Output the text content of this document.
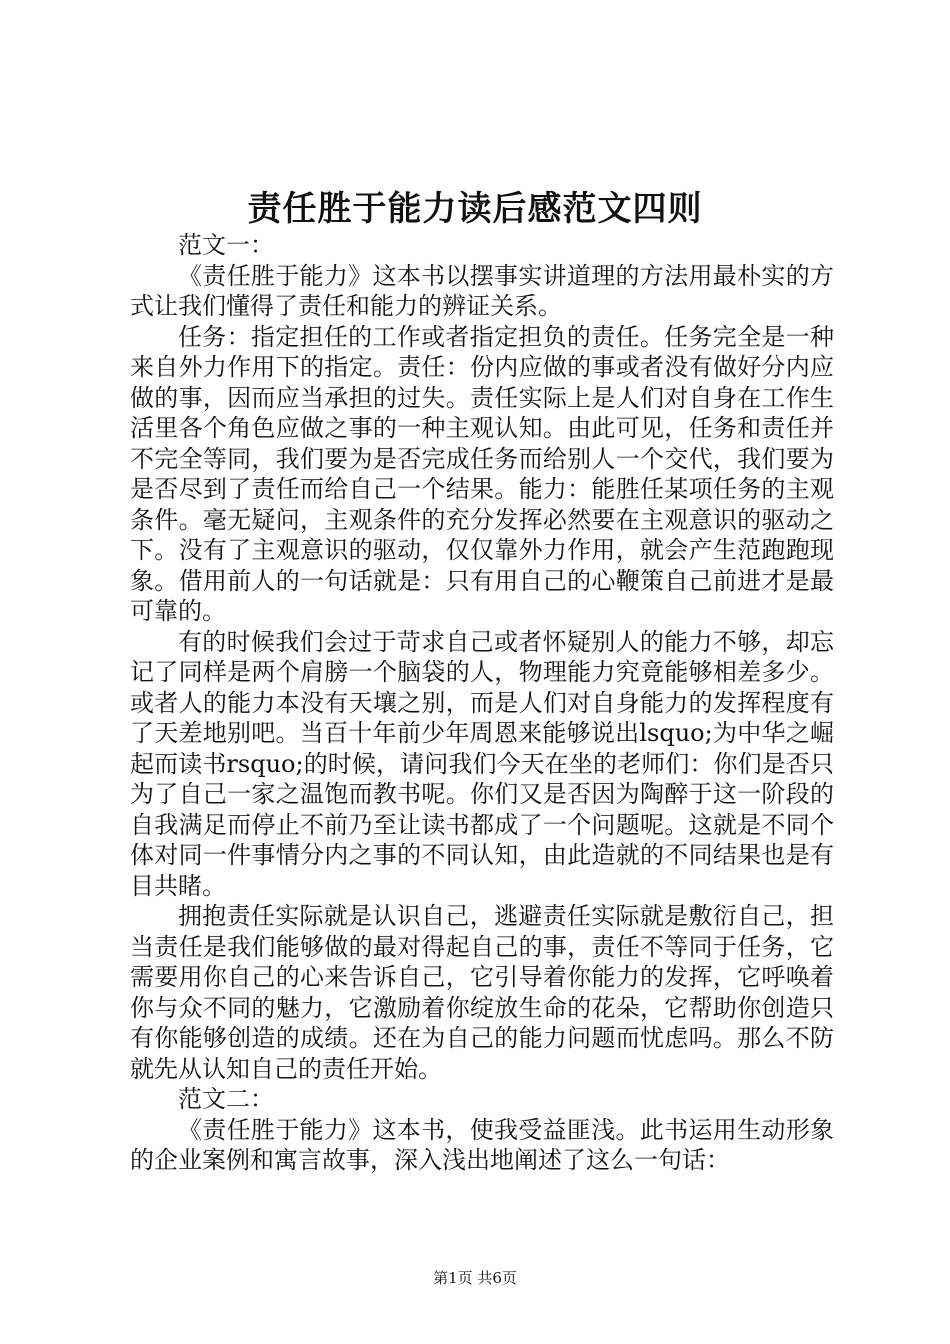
责任胜于能力读后感范文四则

范文一：

《责任胜于能力》这本书以摆事实讲道理的方法用最朴实的方式让我们懂得了责任和能力的辨证关系。

任务：指定担任的工作或者指定担负的责任。任务完全是一种来自外力作用下的指定。责任：份内应做的事或者没有做好分内应做的事，因而应当承担的过失。责任实际上是人们对自身在工作生活里各个角色应做之事的一种主观认知。由此可见，任务和责任并不完全等同，我们要为是否完成任务而给别人一个交代，我们要为是否尽到了责任而给自己一个结果。能力：能胜任某项任务的主观条件。毫无疑问，主观条件的充分发挥必然要在主观意识的驱动之下。没有了主观意识的驱动，仅仅靠外力作用，就会产生范跑跑现象。借用前人的一句话就是：只有用自己的心鞭策自己前进才是最可靠的。

有的时候我们会过于苛求自己或者怀疑别人的能力不够，却忘记了同样是两个肩膀一个脑袋的人，物理能力究竟能够相差多少。或者人的能力本没有天壤之别，而是人们对自身能力的发挥程度有了天差地别吧。当百十年前少年周恩来能够说出lsquo;为中华之崛起而读书rsquo;的时候，请问我们今天在坐的老师们：你们是否只为了自己一家之温饱而教书呢。你们又是否因为陶醉于这一阶段的自我满足而停止不前乃至让读书都成了一个问题呢。这就是不同个体对同一件事情分内之事的不同认知，由此造就的不同结果也是有目共睹。

拥抱责任实际就是认识自己，逃避责任实际就是敷衍自己，担当责任是我们能够做的最对得起自己的事，责任不等同于任务，它需要用你自己的心来告诉自己，它引导着你能力的发挥，它呼唤着你与众不同的魅力，它激励着你绽放生命的花朵，它帮助你创造只有你能够创造的成绩。还在为自己的能力问题而忧虑吗。那么不防就先从认知自己的责任开始。

范文二：

《责任胜于能力》这本书，使我受益匪浅。此书运用生动形象的企业案例和寓言故事，深入浅出地阐述了这么一句话：

第1页 共6页
